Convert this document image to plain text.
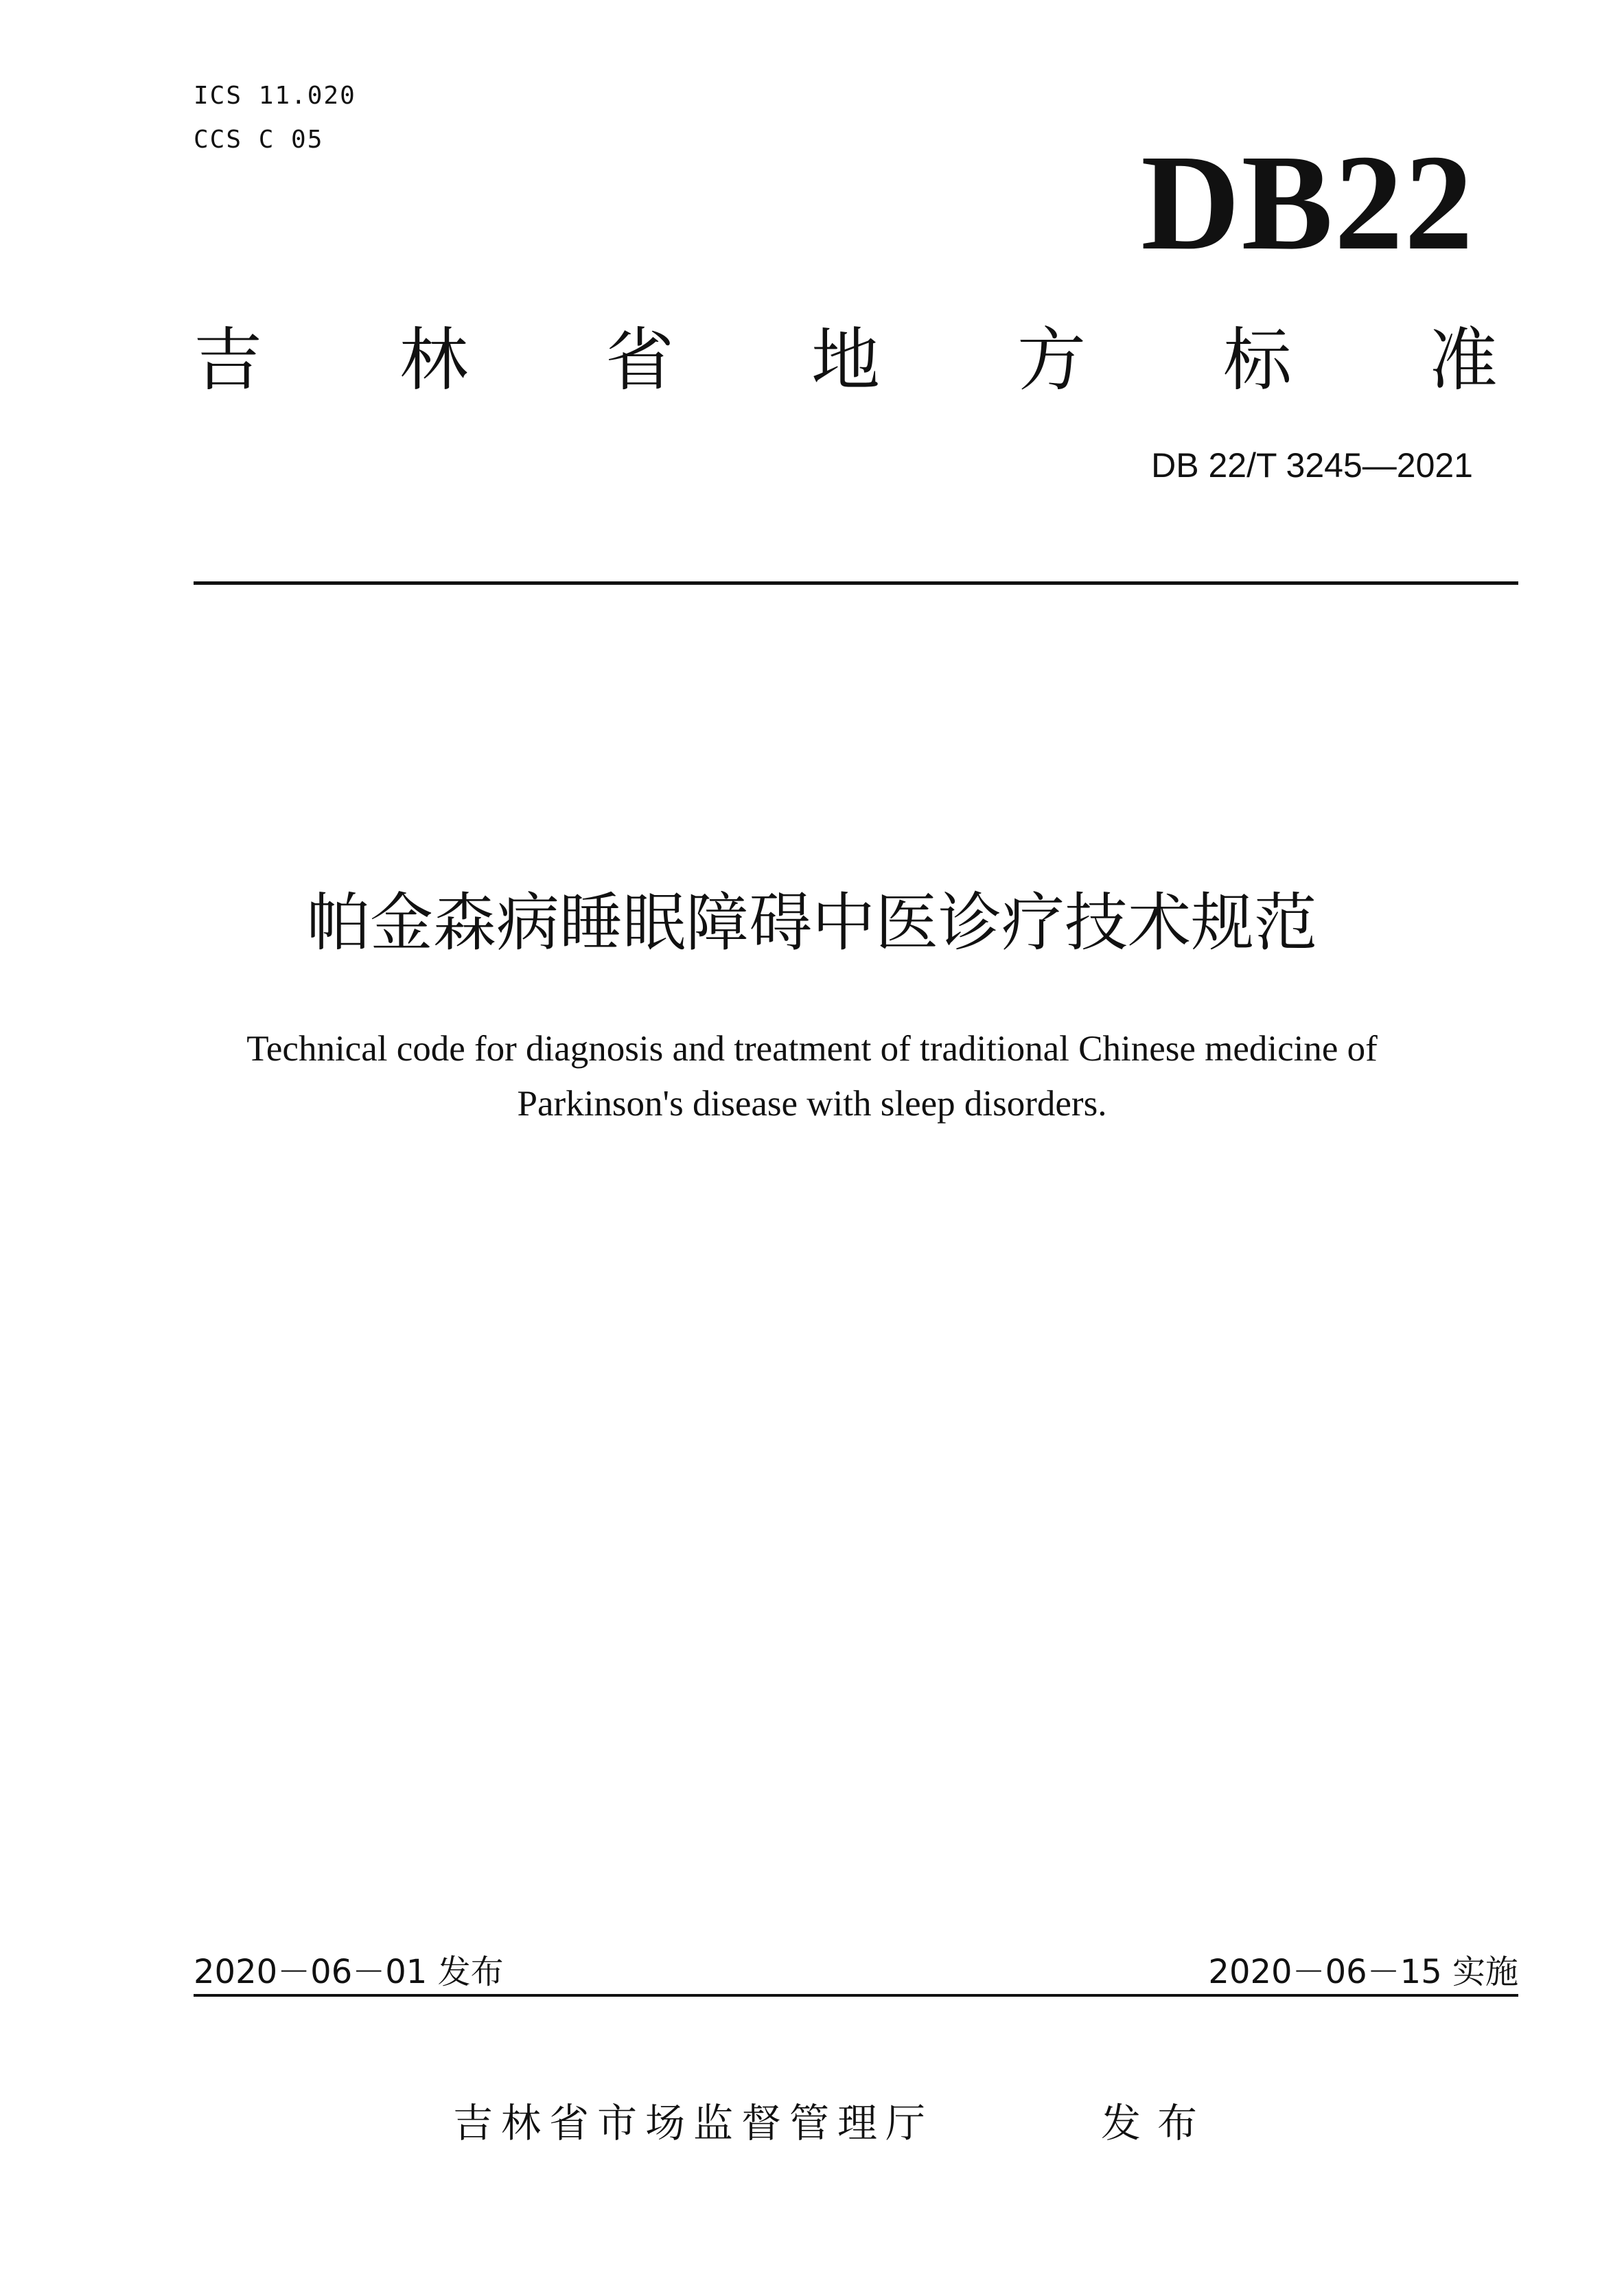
ICS 11.020
CCS C 05	DB22
吉 林 省 地 方 标 准
DB 22/T 3245—2021
帕金森病睡眠障碍中医诊疗技术规范
Technical code for diagnosis and treatment of traditional Chinese medicine of
Parkinson's disease with sleep disorders.
2020－06－01 发布	2020－06－15 实施
吉林省市场监督管理厅	发布
